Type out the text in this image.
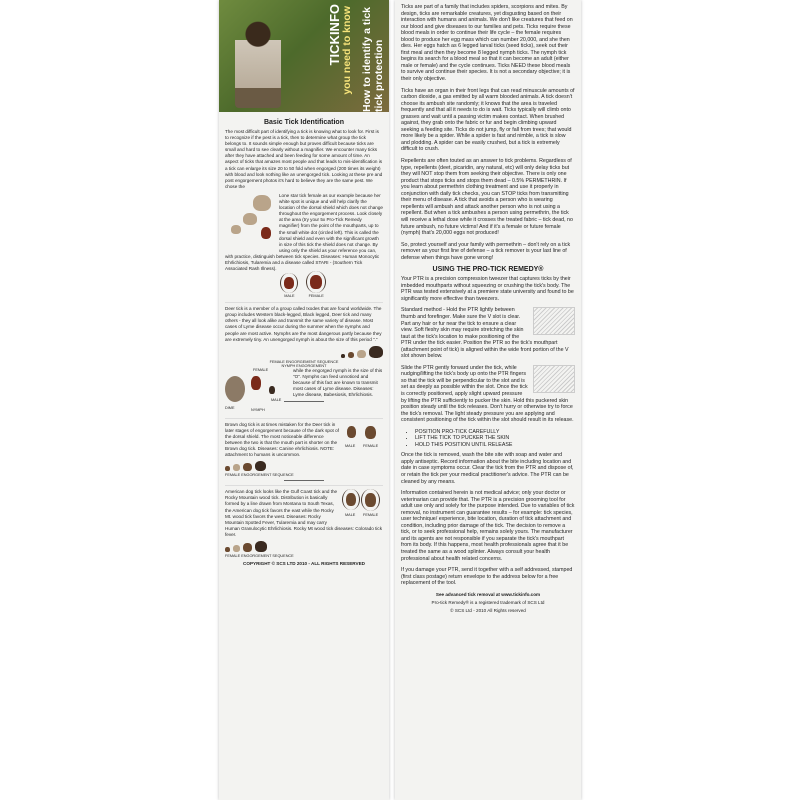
TICKINFO you need to know How to identify a tick tick protection
Basic Tick Identification

The most difficult part of identifying a tick is knowing what to look for. First is to recognize if the pest is a tick, then to determine what group the tick belongs to. It sounds simple enough but proves difficult because ticks are small and hard to see clearly without a magnifier. We encounter many ticks after they have attached and been feeding for some amount of time. An aspect of ticks that amazes most people and that leads to mis-identification is a tick can enlarge its size 20 to 50 fold when engorged (200 times its weight) with blood and look nothing like an unengorged tick. Looking at these pre and post engorgement photos it's hard to believe they are the same pest. We chose the

Lone star tick female as our example because her white spot is unique and will help clarify the location of the dorsal shield which does not change throughout the engorgement process. Look closely at the area (try your 5x Pro-Tick Remedy magnifier) from the point of the mouthparts, up to the small white dot (circled left). This is called the dorsal shield and even with the significant growth in size of this tick the shield does not change. By using only the shield as your reference you can, with practice, distinguish between tick species. Diseases: Human Monocytic Ehrlichiosis, Tularemia and a disease called STARI - (Southern Tick Associated Rash Illness).

MALE	FEMALE

Deer tick is a member of a group called Ixodes that are found worldwide. The group includes Western black-legged, Black legged, Deer tick and many others - they all look alike and transmit the same variety of disease. Most cases of Lyme disease occur during the summer when the nymphs and people are most active. Nymphs are the most dangerous partly because they are extremely tiny. An unengorged nymph is about the size of this period "."

FEMALE ENGORGEMENT SEQUENCE
NYMPH ENGORGEMENT
DIME
FEMALE
NYMPH
MALE

while the engorged nymph is the size of this "O". Nymphs can feed unnoticed and because of this fact are known to transmit most cases of Lyme disease. Diseases: Lyme disease, Babesiosis, Ehrlichiosis.

MALE FEMALE

Brown dog tick is at times mistaken for the Deer tick in later stages of engorgement because of the dark spot of the dorsal shield. The most noticeable difference between the two is that the mouth part is shorter on the Brown dog tick. Diseases: Canine ehrlichiosis. NOTE: attachment to humans is uncommon.

FEMALE ENGORGEMENT SEQUENCE
MALE FEMALE

American dog tick looks like the Gulf Coast tick and the Rocky Mountain wood tick. Distribution is basically formed by a line drawn from Montana to South Texas, the American dog tick favors the east while the Rocky Mt. wood tick favors the west. Diseases: Rocky Mountain Spotted Fever, Tularemia and may carry Human Granulocytic Ehrlichiosis. Rocky Mt wood tick diseases: Colorado tick fever.

FEMALE ENGORGEMENT SEQUENCE
COPYRIGHT © SCS LTD 2010 - ALL RIGHTS RESERVED

Ticks are part of a family that includes spiders, scorpions and mites. By design, ticks are remarkable creatures, yet disgusting based on their interaction with humans and animals. We don't like creatures that feed on our blood and give diseases to our families and pets. Ticks require these blood meals in order to continue their life cycle – the female requires blood to produce her egg mass which can number 20,000, and she then dies. Her eggs hatch as 6 legged larval ticks (seed ticks), seek out their first meal and then they become 8 legged nymph ticks. The nymph tick begins its search for a blood meal so that it can become an adult (either male or female) and the cycle continues. Ticks NEED these blood meals to survive and continue their species. It is not a secondary objective; it is their only objective.

Ticks have an organ in their front legs that can read minuscule amounts of carbon dioxide, a gas emitted by all warm blooded animals. A tick doesn't choose its ambush site randomly; it knows that the area is traveled frequently and that all it needs to do is wait. Ticks typically will climb onto grasses and wait until a passing victim makes contact. When brushed against, they grab onto the fabric or fur and begin climbing upward seeking a feeding site. Ticks do not jump, fly or fall from trees; that would more likely be a spider. While a spider is fast and nimble, a tick is slow and plodding. A spider can be easily crushed, but a tick is extremely difficult to crush.

Repellents are often touted as an answer to tick problems. Regardless of type, repellents (deet, picaridin, any natural, etc) will only delay ticks but they will NOT stop them from seeking their objective. There is only one product that stops ticks and stops them dead – 0.5% PERMETHRIN. If you learn about permethrin clothing treatment and use it properly in conjunction with daily tick checks, you can STOP ticks from transmitting their menu of disease. A tick that avoids a person who is wearing repellents will ambush and attack another person who is not using a repellent. But when a tick ambushes a person using permethrin, the tick will receive a lethal dose while it crosses the treated fabric – tick dead, no future ambush, no future victims! And if it's a female or future female (nymph) that's 20,000 eggs not produced!

So, protect yourself and your family with permethrin – don't rely on a tick remover as your first line of defense – a tick remover is your last line of defense when things have gone wrong!

USING THE PRO-TICK REMEDY®

Your PTR is a precision compression tweezer that captures ticks by their imbedded mouthparts without squeezing or crushing the tick's body. The PTR was tested extensively at a premiere state university and found to be significantly more effective than tweezers.

Standard method - Hold the PTR lightly between thumb and forefinger. Make sure the V slot is clear. Part any hair or fur near the tick to ensure a clear view. Soft fleshy skin may require stretching the skin taut at the tick's location to make positioning of the PTR under the tick easier. Position the PTR so the tick's mouthpart (attachment point of tick) is aligned within the wide front portion of the V slot shown below.

Slide the PTR gently forward under the tick, while nudging/lifting the tick's body up onto the PTR fingers so that the tick will be perpendicular to the slot and is set as deeply as possible within the slot. Once the tick is correctly positioned, apply slight upward pressure by lifting the PTR sufficiently to pucker the skin. Hold this puckered skin position steady until the tick releases. Don't hurry or otherwise try to force the tick's removal. The light steady pressure you are applying and consistent positioning of the tick within the slot should result in its release.

• POSITION PRO-TICK CAREFULLY
• LIFT THE TICK TO PUCKER THE SKIN
• HOLD THIS POSITION UNTIL RELEASE

Once the tick is removed, wash the bite site with soap and water and apply antiseptic. Record information about the bite including location and date in case symptoms occur. Clear the tick from the PTR and dispose of, or retain the tick per your medical practitioner's advice. The PTR can be cleaned by any means.

Information contained herein is not medical advice; only your doctor or veterinarian can provide that. The PTR is a precision grooming tool for adult use only and solely for the purpose intended. Due to variables of tick removal, no instrument can guarantee results – for example: tick species, user technique/ experience, bite location, duration of tick attachment and condition, including prior damage of the tick. The decision to remove a tick, or to seek professional help, remains solely yours. The manufacturer and its agents are not responsible if you separate the tick's mouthpart from its body. If this happens, most health professionals agree that it be treated the same as a wood splinter. Always consult your health professional about health related concerns.

If you damage your PTR, send it together with a self addressed, stamped (first class postage) return envelope to the address below for a free replacement of the tool.

See advanced tick removal at www.tickinfo.com
Pro-tick Remedy® is a registered trademark of SCS Ltd
© SCS Ltd - 2010 All Rights reserved
